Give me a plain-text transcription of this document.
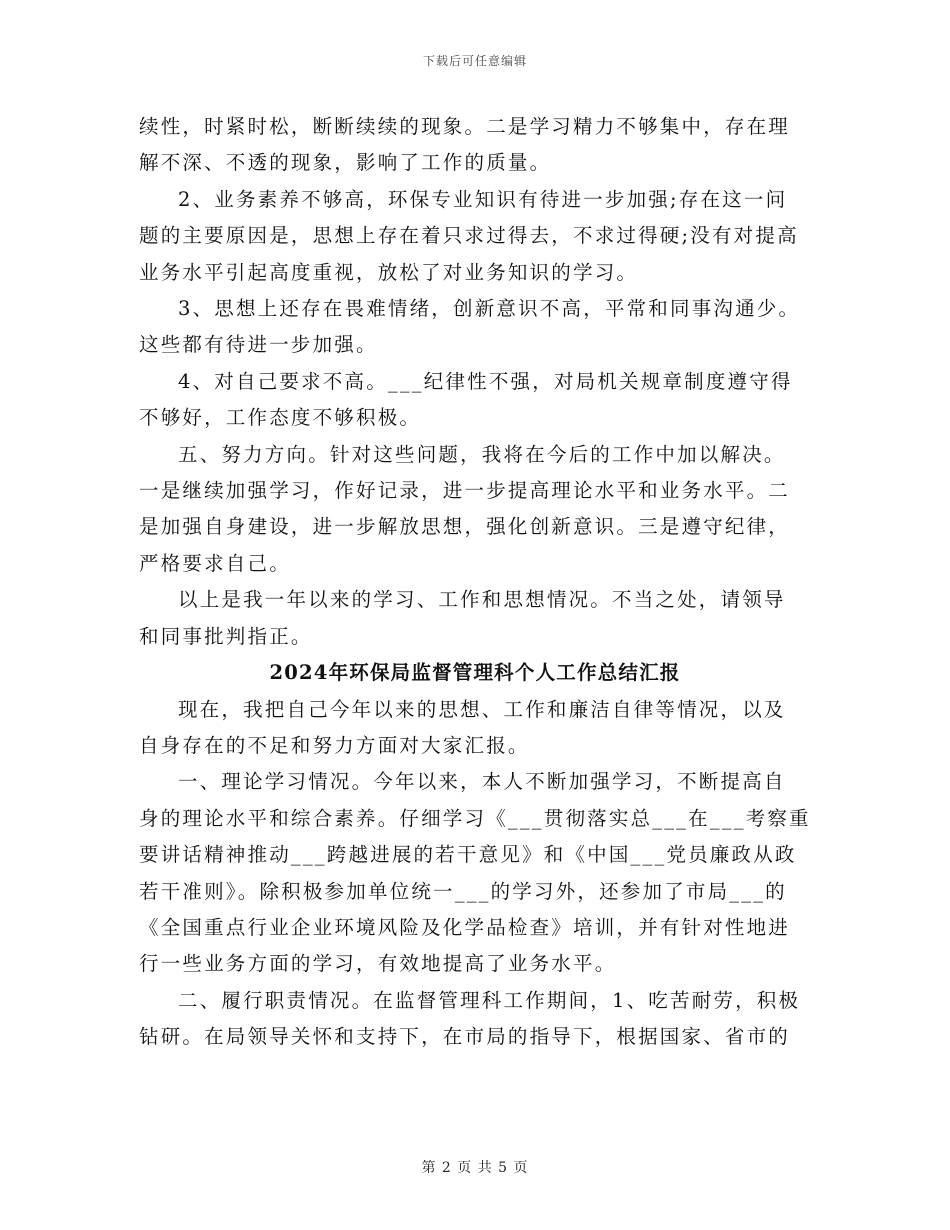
下载后可任意编辑

续性，时紧时松，断断续续的现象。二是学习精力不够集中，存在理
解不深、不透的现象，影响了工作的质量。

2、业务素养不够高，环保专业知识有待进一步加强;存在这一问
题的主要原因是，思想上存在着只求过得去，不求过得硬;没有对提高
业务水平引起高度重视，放松了对业务知识的学习。

3、思想上还存在畏难情绪，创新意识不高，平常和同事沟通少。
这些都有待进一步加强。

4、对自己要求不高。___纪律性不强，对局机关规章制度遵守得
不够好，工作态度不够积极。

五、努力方向。针对这些问题，我将在今后的工作中加以解决。
一是继续加强学习，作好记录，进一步提高理论水平和业务水平。二
是加强自身建设，进一步解放思想，强化创新意识。三是遵守纪律，
严格要求自己。

以上是我一年以来的学习、工作和思想情况。不当之处，请领导
和同事批判指正。

2024年环保局监督管理科个人工作总结汇报

现在，我把自己今年以来的思想、工作和廉洁自律等情况，以及
自身存在的不足和努力方面对大家汇报。

一、理论学习情况。今年以来，本人不断加强学习，不断提高自
身的理论水平和综合素养。仔细学习《___贯彻落实总___在___考察重
要讲话精神推动___跨越进展的若干意见》和《中国___党员廉政从政
若干准则》。除积极参加单位统一___的学习外，还参加了市局___的
《全国重点行业企业环境风险及化学品检查》培训，并有针对性地进
行一些业务方面的学习，有效地提高了业务水平。

二、履行职责情况。在监督管理科工作期间，1、吃苦耐劳，积极
钻研。在局领导关怀和支持下，在市局的指导下，根据国家、省市的

第 2 页 共 5 页
